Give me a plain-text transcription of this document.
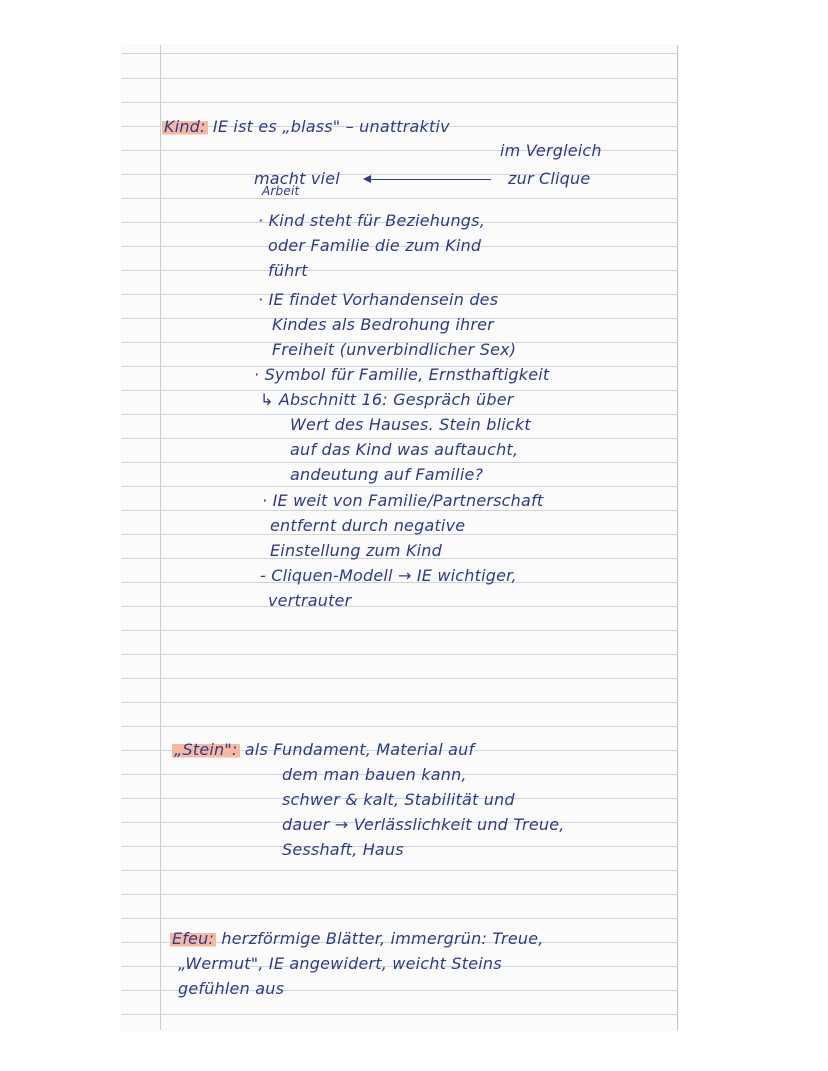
Kind: IE ist es „blass" – unattraktiv
im Vergleich
macht viel
Arbeit
zur Clique
· Kind steht für Beziehungs,
oder Familie die zum Kind
führt
· IE findet Vorhandensein des
Kindes als Bedrohung ihrer
Freiheit (unverbindlicher Sex)
· Symbol für Familie, Ernsthaftigkeit
↳ Abschnitt 16: Gespräch über
Wert des Hauses. Stein blickt
auf das Kind was auftaucht,
andeutung auf Familie?
· IE weit von Familie/Partnerschaft
entfernt durch negative
Einstellung zum Kind
- Cliquen-Modell → IE wichtiger,
vertrauter
„Stein": als Fundament, Material auf
dem man bauen kann,
schwer & kalt, Stabilität und
dauer → Verlässlichkeit und Treue,
Sesshaft, Haus
Efeu: herzförmige Blätter, immergrün: Treue,
„Wermut", IE angewidert, weicht Steins
gefühlen aus
